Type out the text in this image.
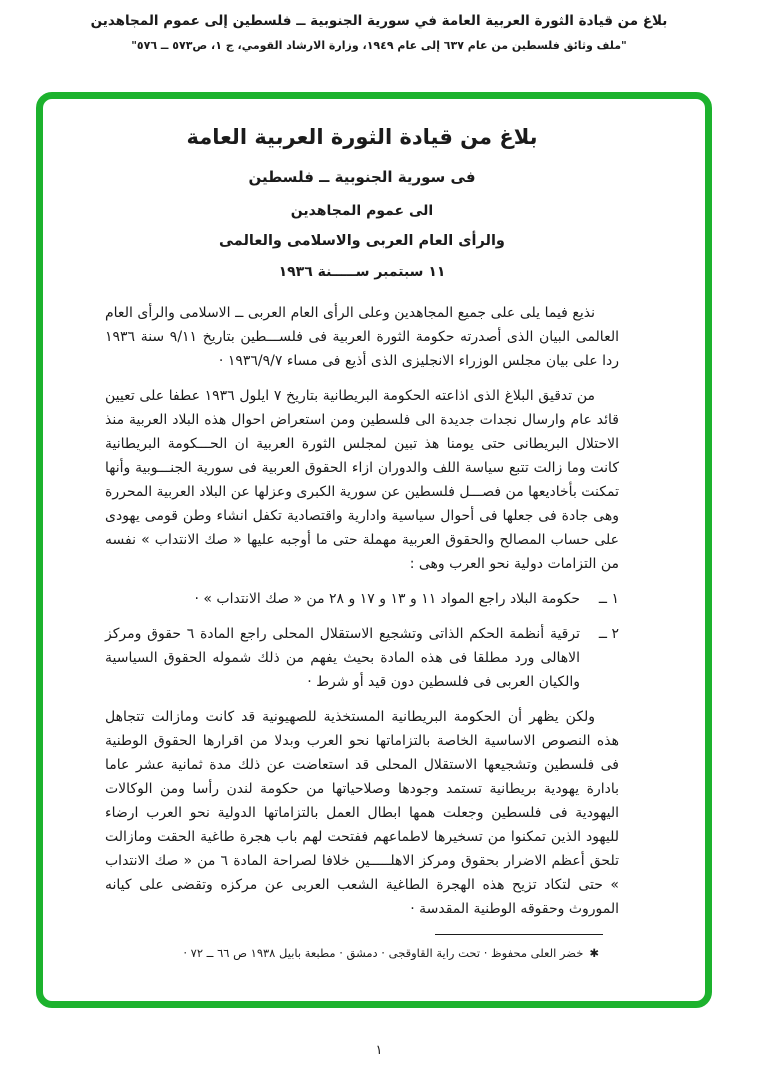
بلاغ من قيادة الثورة العربية العامة في سورية الجنوبية ــ فلسطين إلى عموم المجاهدين
"ملف وثائق فلسطين من عام ٦٣٧ إلى عام ١٩٤٩، وزارة الارشاد القومي، ج ١، ص٥٧٣ ــ ٥٧٦"
بلاغ من قيادة الثورة العربية العامة
فى سورية الجنوبية ــ فلسطين
الى عموم المجاهدين
والرأى العام العربى والاسلامى والعالمى
١١ سبتمبر ســـــنة ١٩٣٦

نذيع فيما يلى على جميع المجاهدين وعلى الرأى العام العربى ــ الاسلامى والرأى العام العالمى البيان الذى أصدرته حكومة الثورة العربية فى فلســـطين بتاريخ ٩/١١ سنة ١٩٣٦ ردا على بيان مجلس الوزراء الانجليزى الذى أذيع فى مساء ١٩٣٦/٩/٧ ·

من تدقيق البلاغ الذى اذاعته الحكومة البريطانية بتاريخ ٧ ايلول ١٩٣٦ عطفا على تعيين قائد عام وارسال نجدات جديدة الى فلسطين ومن استعراض احوال هذه البلاد العربية منذ الاحتلال البريطانى حتى يومنا هذ تبين لمجلس الثورة العربية ان الحـــكومة البريطانية كانت وما زالت تتبع سياسة اللف والدوران ازاء الحقوق العربية فى سورية الجنـــوبية وأنها تمكنت بأخاديعها من فصـــل فلسطين عن سورية الكبرى وعزلها عن البلاد العربية المحررة وهى جادة فى جعلها فى أحوال سياسية وادارية واقتصادية تكفل انشاء وطن قومى يهودى على حساب المصالح والحقوق العربية مهملة حتى ما أوجبه عليها « صك الانتداب » نفسه من التزامات دولية نحو العرب وهى :

١ ــ
حكومة البلاد راجع المواد ١١ و ١٣ و ١٧ و ٢٨ من « صك الانتداب » ·
٢ ــ
ترقية أنظمة الحكم الذاتى وتشجيع الاستقلال المحلى راجع المادة ٦ حقوق ومركز الاهالى ورد مطلقا فى هذه المادة بحيث يفهم من ذلك شموله الحقوق السياسية والكيان العربى فى فلسطين دون قيد أو شرط ·

ولكن يظهر أن الحكومة البريطانية المستخذية للصهيونية قد كانت ومازالت تتجاهل هذه النصوص الاساسية الخاصة بالتزاماتها نحو العرب وبدلا من اقرارها الحقوق الوطنية فى فلسطين وتشجيعها الاستقلال المحلى قد استعاضت عن ذلك مدة ثمانية عشر عاما بادارة يهودية بريطانية تستمد وجودها وصلاحياتها من حكومة لندن رأسا ومن الوكالات اليهودية فى فلسطين وجعلت همها ابطال العمل بالتزاماتها الدولية نحو العرب ارضاء لليهود الذين تمكنوا من تسخيرها لاطماعهم ففتحت لهم باب هجرة طاغية الحقت ومازالت تلحق أعظم الاضرار بحقوق ومركز الاهلـــــين خلافا لصراحة المادة ٦ من « صك الانتداب » حتى لتكاد تزيح هذه الهجرة الطاغية الشعب العربى عن مركزه وتقضى على كيانه الموروث وحقوقه الوطنية المقدسة ·

✱
خضر العلى محفوظ · تحت راية القاوقجى · دمشق · مطبعة بابيل ١٩٣٨ ص ٦٦ ــ ٧٢ ·
١
